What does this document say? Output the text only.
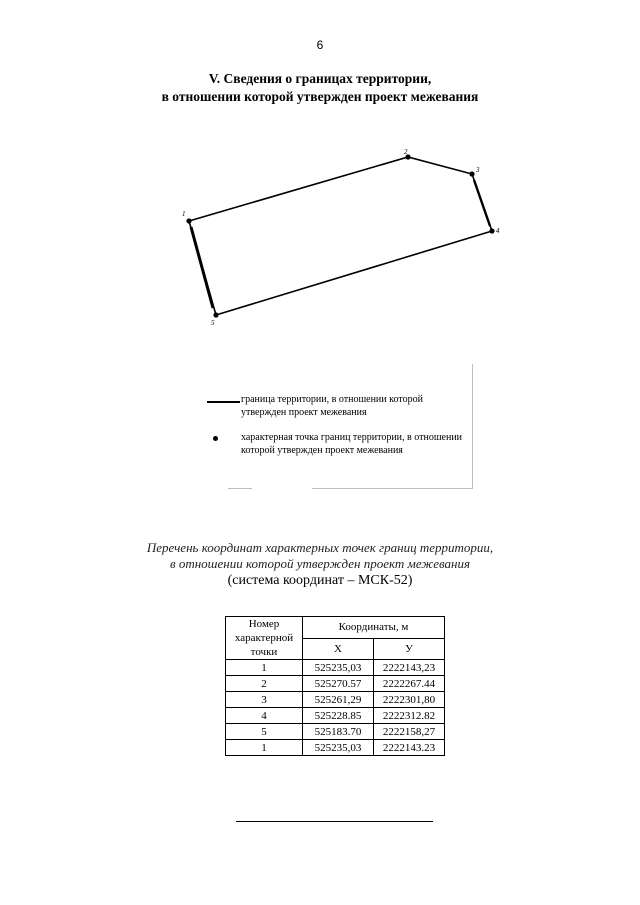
6
V. Сведения о границах территории,
в отношении которой утвержден проект межевания
1
2
3
4
5
граница территории, в отношении которой утвержден проект межевания
характерная точка границ территории, в отношении которой утвержден проект межевания
Перечень координат характерных точек границ территории,
в отношении которой утвержден проект межевания
(система координат – МСК-52)
Номер характерной точки	Координаты, м	
	X	У
1	525235,03	2222143,23
2	525270.57	2222267.44
3	525261,29	2222301,80
4	525228.85	2222312.82
5	525183.70	2222158,27
1	525235,03	2222143.23
